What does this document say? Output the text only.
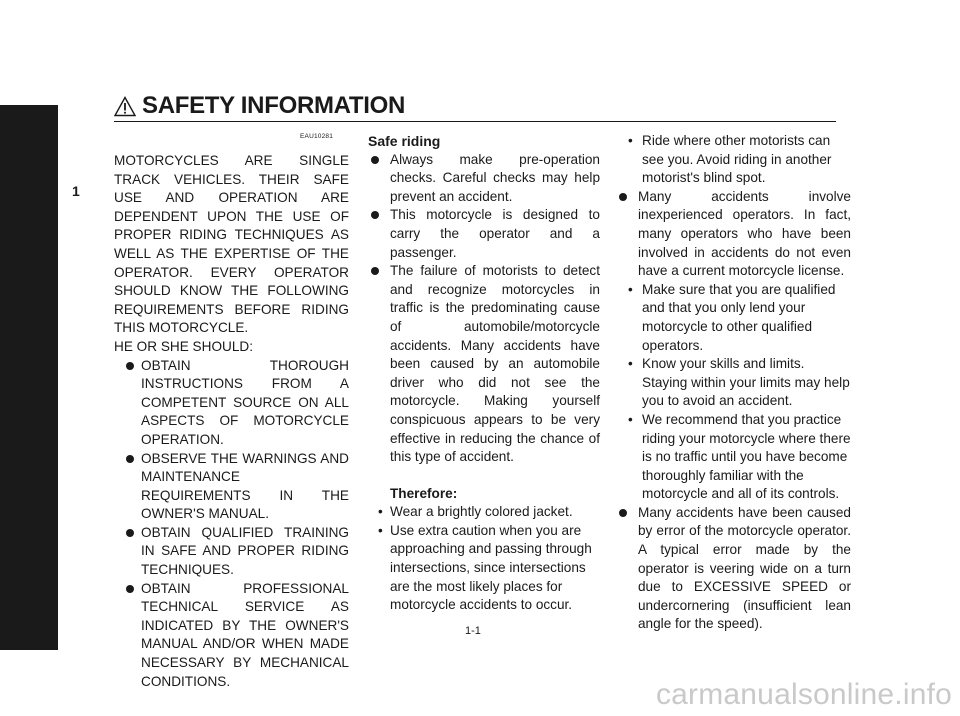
1
SAFETY INFORMATION
EAU10281
MOTORCYCLES ARE SINGLE TRACK VEHICLES. THEIR SAFE USE AND OPERATION ARE DEPENDENT UPON THE USE OF PROPER RIDING TECHNIQUES AS WELL AS THE EXPERTISE OF THE OPERATOR. EVERY OPERATOR SHOULD KNOW THE FOLLOWING REQUIREMENTS BEFORE RIDING THIS MOTORCYCLE.
HE OR SHE SHOULD:
OBTAIN THOROUGH INSTRUCTIONS FROM A COMPETENT SOURCE ON ALL ASPECTS OF MOTORCYCLE OPERATION.
OBSERVE THE WARNINGS AND MAINTENANCE REQUIREMENTS IN THE OWNER'S MANUAL.
OBTAIN QUALIFIED TRAINING IN SAFE AND PROPER RIDING TECHNIQUES.
OBTAIN PROFESSIONAL TECHNICAL SERVICE AS INDICATED BY THE OWNER'S MANUAL AND/OR WHEN MADE NECESSARY BY MECHANICAL CONDITIONS.
Safe riding
Always make pre-operation checks. Careful checks may help prevent an accident.
This motorcycle is designed to carry the operator and a passenger.
The failure of motorists to detect and recognize motorcycles in traffic is the predominating cause of automobile/motorcycle accidents. Many accidents have been caused by an automobile driver who did not see the motorcycle. Making yourself conspicuous appears to be very effective in reducing the chance of this type of accident.
Therefore:
• Wear a brightly colored jacket.
• Use extra caution when you are approaching and passing through intersections, since intersections are the most likely places for motorcycle accidents to occur.
• Ride where other motorists can see you. Avoid riding in another motorist's blind spot.
Many accidents involve inexperienced operators. In fact, many operators who have been involved in accidents do not even have a current motorcycle license.
• Make sure that you are qualified and that you only lend your motorcycle to other qualified operators.
• Know your skills and limits. Staying within your limits may help you to avoid an accident.
• We recommend that you practice riding your motorcycle where there is no traffic until you have become thoroughly familiar with the motorcycle and all of its controls.
Many accidents have been caused by error of the motorcycle operator. A typical error made by the operator is veering wide on a turn due to EXCESSIVE SPEED or undercornering (insufficient lean angle for the speed).
1-1
carmanualsonline.info
